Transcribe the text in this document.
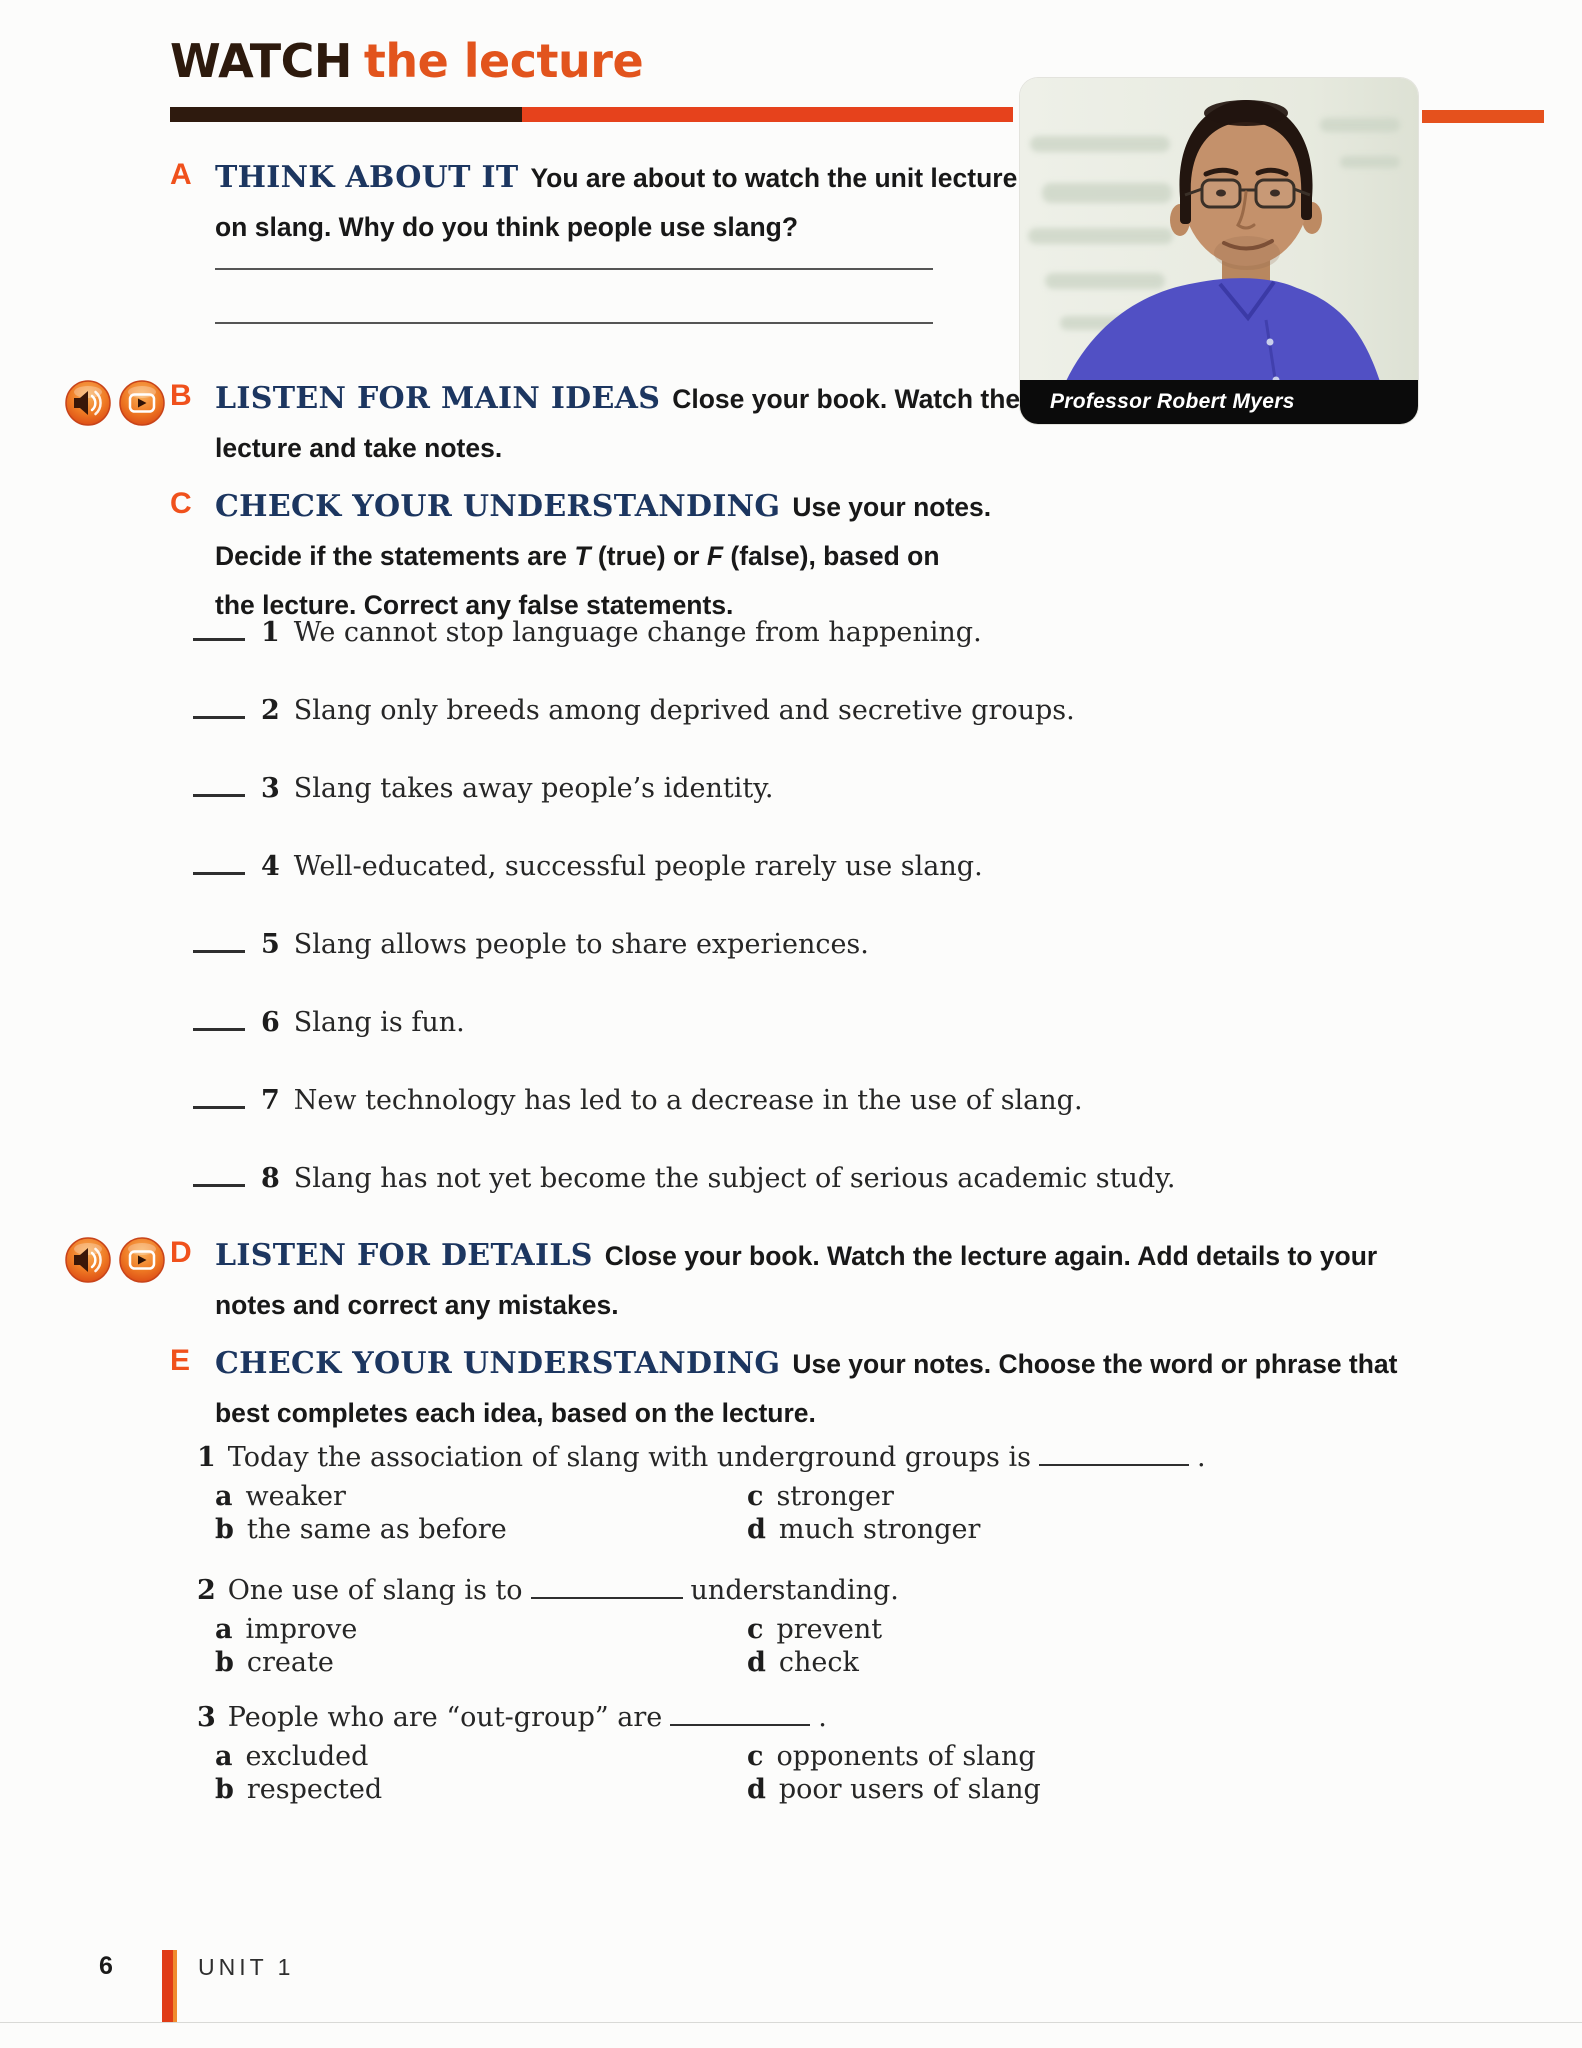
WATCH the lecture
Professor Robert Myers
A THINK ABOUT IT You are about to watch the unit lecture
on slang. Why do you think people use slang?

B LISTEN FOR MAIN IDEAS Close your book. Watch the
lecture and take notes.

C CHECK YOUR UNDERSTANDING Use your notes.
Decide if the statements are T (true) or F (false), based on
the lecture. Correct any false statements.

1 We cannot stop language change from happening.
2 Slang only breeds among deprived and secretive groups.
3 Slang takes away people’s identity.
4 Well-educated, successful people rarely use slang.
5 Slang allows people to share experiences.
6 Slang is fun.
7 New technology has led to a decrease in the use of slang.
8 Slang has not yet become the subject of serious academic study.
D LISTEN FOR DETAILS Close your book. Watch the lecture again. Add details to your
notes and correct any mistakes.

E CHECK YOUR UNDERSTANDING Use your notes. Choose the word or phrase that
best completes each idea, based on the lecture.

1 Today the association of slang with underground groups is	.

a weaker
b the same as before
c stronger
d much stronger

2 One use of slang is to	understanding.

a improve
b create
c prevent
d check

3 People who are “out-group” are	.

a excluded
b respected
c opponents of slang
d poor users of slang
6	UNIT 1
